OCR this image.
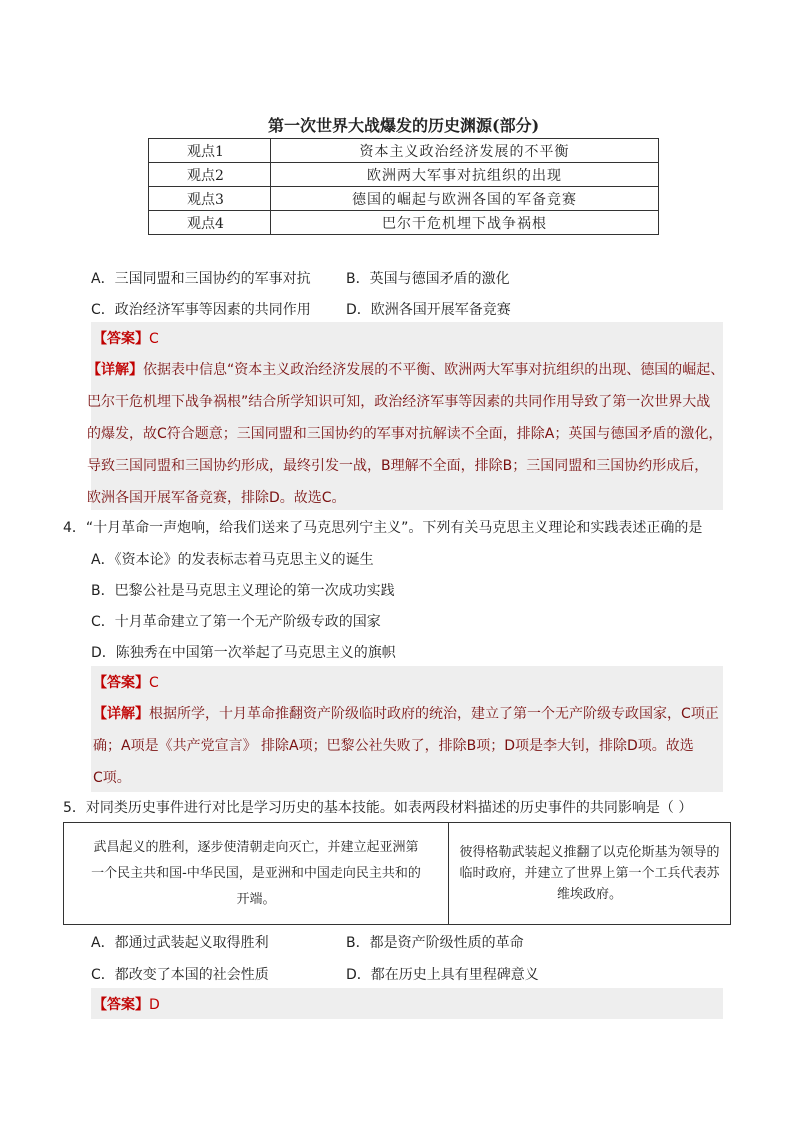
第一次世界大战爆发的历史渊源(部分)
观点1	资本主义政治经济发展的不平衡
观点2	欧洲两大军事对抗组织的出现
观点3	德国的崛起与欧洲各国的军备竞赛
观点4	巴尔干危机埋下战争祸根
A．三国同盟和三国协约的军事对抗	B．英国与德国矛盾的激化
C．政治经济军事等因素的共同作用	D．欧洲各国开展军备竞赛
【答案】C
【详解】依据表中信息“资本主义政治经济发展的不平衡、欧洲两大军事对抗组织的出现、德国的崛起、
巴尔干危机埋下战争祸根”结合所学知识可知，政治经济军事等因素的共同作用导致了第一次世界大战
的爆发，故C符合题意；三国同盟和三国协约的军事对抗解读不全面，排除A；英国与德国矛盾的激化，
导致三国同盟和三国协约形成，最终引发一战，B理解不全面，排除B；三国同盟和三国协约形成后，
欧洲各国开展军备竞赛，排除D。故选C。
4．“十月革命一声炮响，给我们送来了马克思列宁主义”。下列有关马克思主义理论和实践表述正确的是
A．《资本论》的发表标志着马克思主义的诞生
B．巴黎公社是马克思主义理论的第一次成功实践
C．十月革命建立了第一个无产阶级专政的国家
D．陈独秀在中国第一次举起了马克思主义的旗帜
【答案】C
【详解】根据所学，十月革命推翻资产阶级临时政府的统治，建立了第一个无产阶级专政国家，C项正
确；A项是《共产党宣言》 排除A项；巴黎公社失败了，排除B项；D项是李大钊，排除D项。故选
C项。
5．对同类历史事件进行对比是学习历史的基本技能。如表两段材料描述的历史事件的共同影响是（ ）
武昌起义的胜利，逐步使清朝走向灭亡，并建立起亚洲第
一个民主共和国-中华民国，是亚洲和中国走向民主共和的
开端。

彼得格勒武装起义推翻了以克伦斯基为领导的
临时政府，并建立了世界上第一个工兵代表苏
维埃政府。
A．都通过武装起义取得胜利	B．都是资产阶级性质的革命
C．都改变了本国的社会性质	D．都在历史上具有里程碑意义
【答案】D
